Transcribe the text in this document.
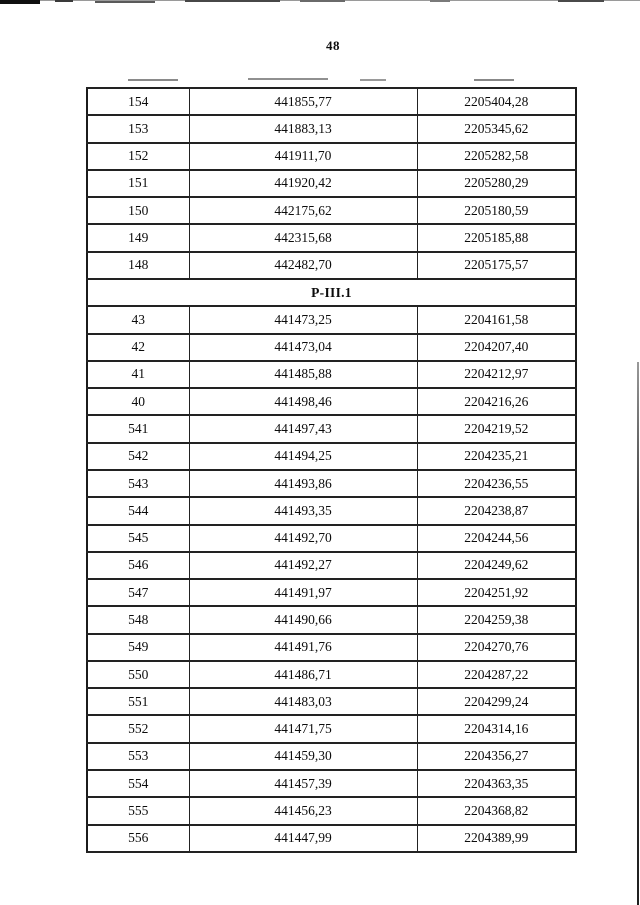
48
154	441855,77	2205404,28
153	441883,13	2205345,62
152	441911,70	2205282,58
151	441920,42	2205280,29
150	442175,62	2205180,59
149	442315,68	2205185,88
148	442482,70	2205175,57
Р-III.1		
43	441473,25	2204161,58
42	441473,04	2204207,40
41	441485,88	2204212,97
40	441498,46	2204216,26
541	441497,43	2204219,52
542	441494,25	2204235,21
543	441493,86	2204236,55
544	441493,35	2204238,87
545	441492,70	2204244,56
546	441492,27	2204249,62
547	441491,97	2204251,92
548	441490,66	2204259,38
549	441491,76	2204270,76
550	441486,71	2204287,22
551	441483,03	2204299,24
552	441471,75	2204314,16
553	441459,30	2204356,27
554	441457,39	2204363,35
555	441456,23	2204368,82
556	441447,99	2204389,99
